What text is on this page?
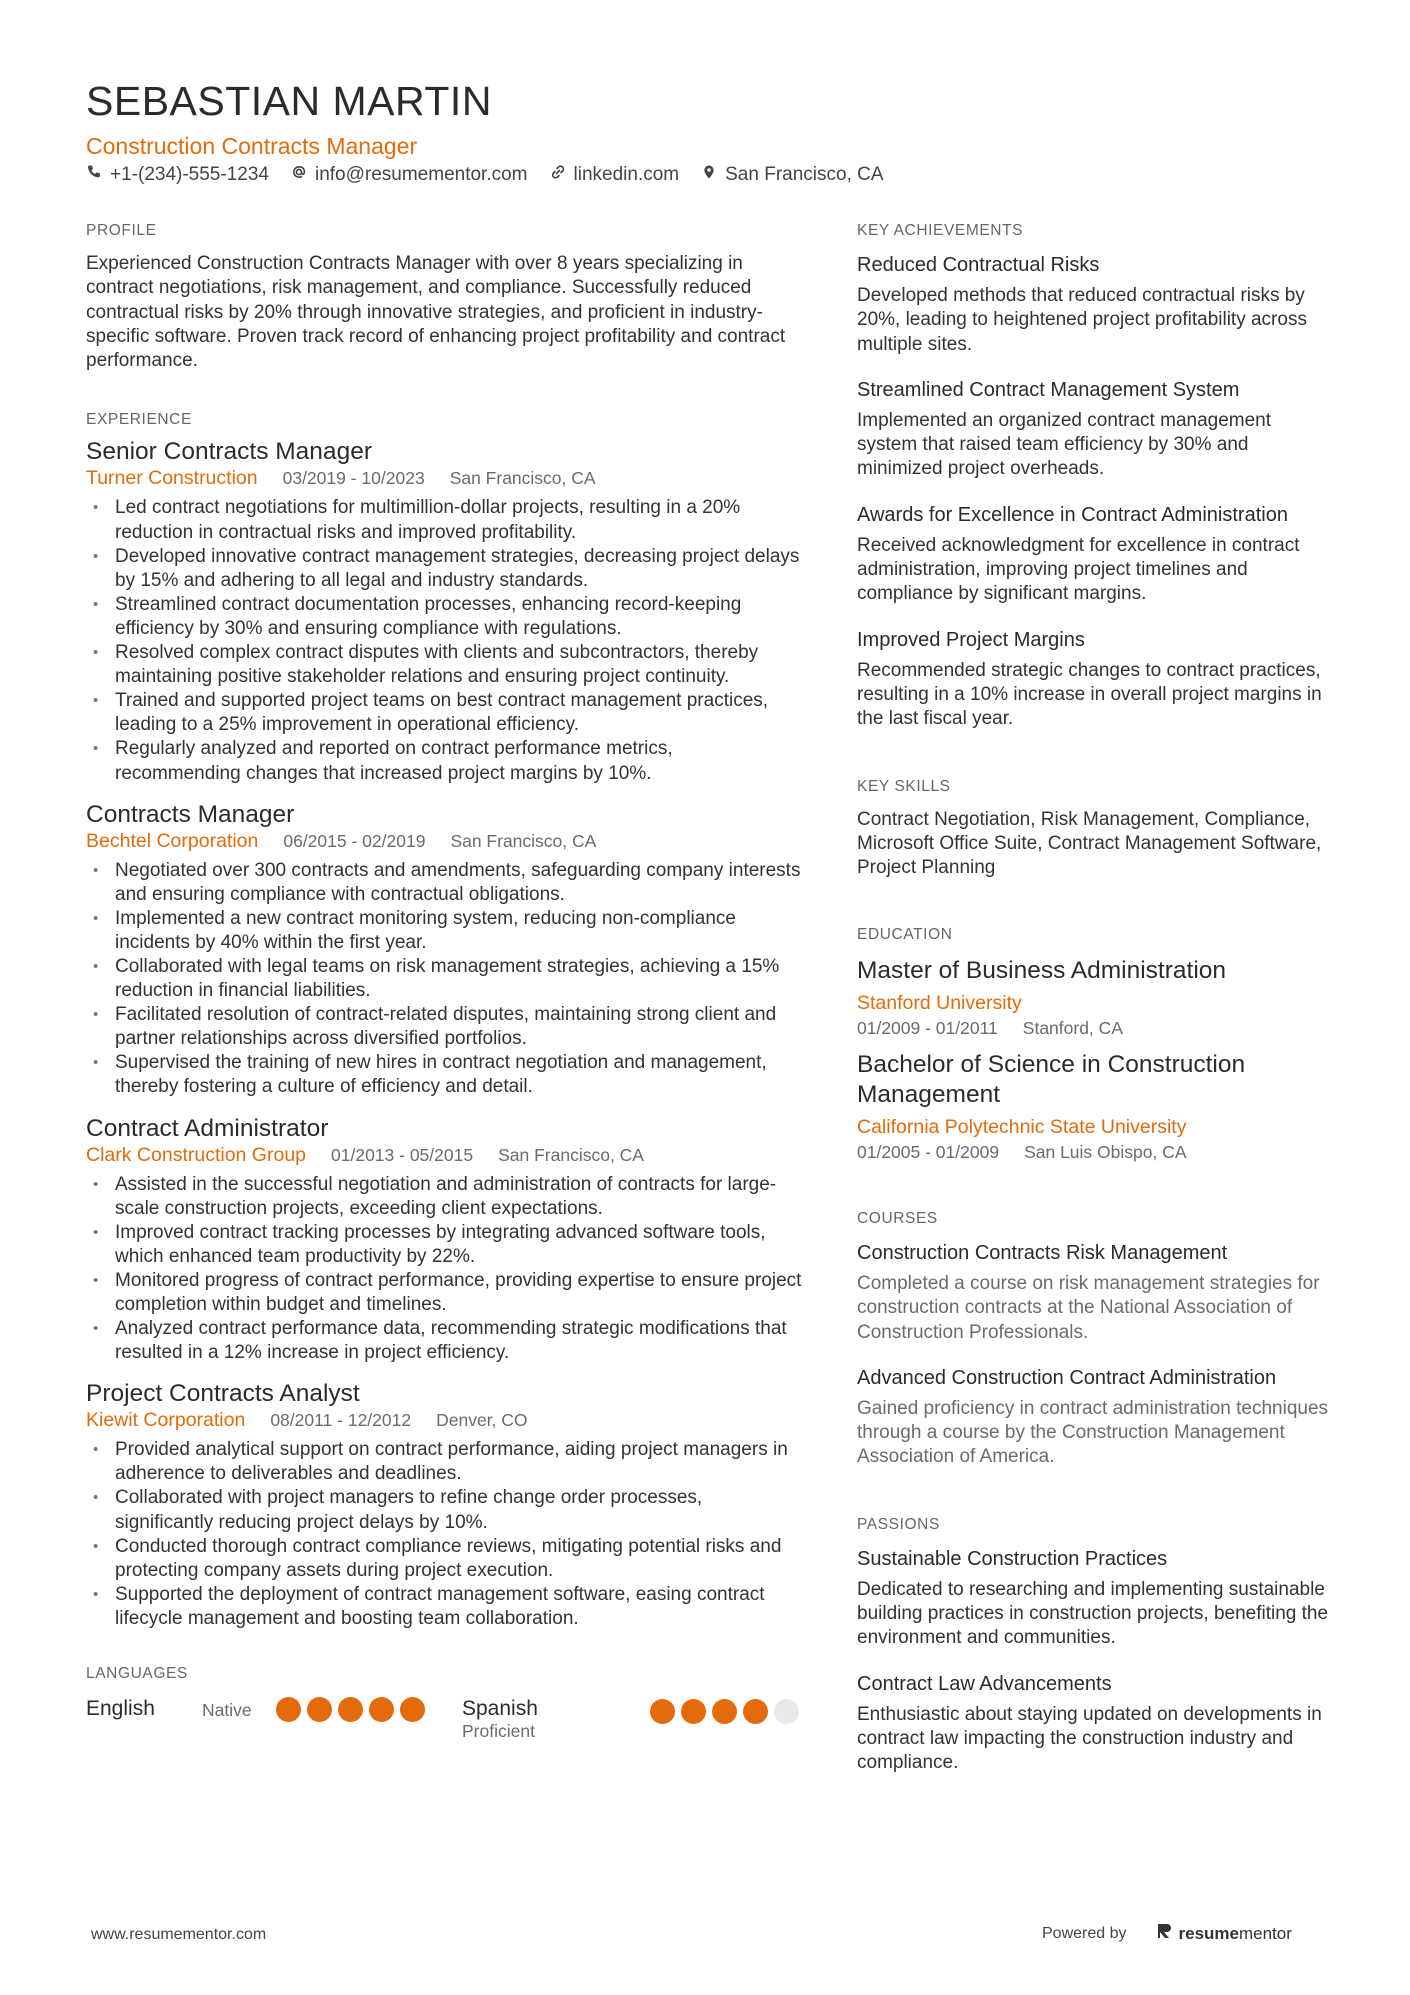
SEBASTIAN MARTIN
Construction Contracts Manager
+1-(234)-555-1234 info@resumementor.com linkedin.com San Francisco, CA
PROFILE
Experienced Construction Contracts Manager with over 8 years specializing in contract negotiations, risk management, and compliance. Successfully reduced contractual risks by 20% through innovative strategies, and proficient in industry-specific software. Proven track record of enhancing project profitability and contract performance.
EXPERIENCE
Senior Contracts Manager
Turner Construction 03/2019 - 10/2023 San Francisco, CA
• Led contract negotiations for multimillion-dollar projects, resulting in a 20% reduction in contractual risks and improved profitability.
• Developed innovative contract management strategies, decreasing project delays by 15% and adhering to all legal and industry standards.
• Streamlined contract documentation processes, enhancing record-keeping efficiency by 30% and ensuring compliance with regulations.
• Resolved complex contract disputes with clients and subcontractors, thereby maintaining positive stakeholder relations and ensuring project continuity.
• Trained and supported project teams on best contract management practices, leading to a 25% improvement in operational efficiency.
• Regularly analyzed and reported on contract performance metrics, recommending changes that increased project margins by 10%.
Contracts Manager
Bechtel Corporation 06/2015 - 02/2019 San Francisco, CA
• Negotiated over 300 contracts and amendments, safeguarding company interests and ensuring compliance with contractual obligations.
• Implemented a new contract monitoring system, reducing non-compliance incidents by 40% within the first year.
• Collaborated with legal teams on risk management strategies, achieving a 15% reduction in financial liabilities.
• Facilitated resolution of contract-related disputes, maintaining strong client and partner relationships across diversified portfolios.
• Supervised the training of new hires in contract negotiation and management, thereby fostering a culture of efficiency and detail.
Contract Administrator
Clark Construction Group 01/2013 - 05/2015 San Francisco, CA
• Assisted in the successful negotiation and administration of contracts for large-scale construction projects, exceeding client expectations.
• Improved contract tracking processes by integrating advanced software tools, which enhanced team productivity by 22%.
• Monitored progress of contract performance, providing expertise to ensure project completion within budget and timelines.
• Analyzed contract performance data, recommending strategic modifications that resulted in a 12% increase in project efficiency.
Project Contracts Analyst
Kiewit Corporation 08/2011 - 12/2012 Denver, CO
• Provided analytical support on contract performance, aiding project managers in adherence to deliverables and deadlines.
• Collaborated with project managers to refine change order processes, significantly reducing project delays by 10%.
• Conducted thorough contract compliance reviews, mitigating potential risks and protecting company assets during project execution.
• Supported the deployment of contract management software, easing contract lifecycle management and boosting team collaboration.
LANGUAGES
English	Native	Spanish
Proficient
KEY ACHIEVEMENTS
Reduced Contractual Risks
Developed methods that reduced contractual risks by 20%, leading to heightened project profitability across multiple sites.
Streamlined Contract Management System
Implemented an organized contract management system that raised team efficiency by 30% and minimized project overheads.
Awards for Excellence in Contract Administration
Received acknowledgment for excellence in contract administration, improving project timelines and compliance by significant margins.
Improved Project Margins
Recommended strategic changes to contract practices, resulting in a 10% increase in overall project margins in the last fiscal year.
KEY SKILLS
Contract Negotiation, Risk Management, Compliance, Microsoft Office Suite, Contract Management Software, Project Planning
EDUCATION
Master of Business Administration
Stanford University
01/2009 - 01/2011 Stanford, CA
Bachelor of Science in Construction Management
California Polytechnic State University
01/2005 - 01/2009 San Luis Obispo, CA
COURSES
Construction Contracts Risk Management
Completed a course on risk management strategies for construction contracts at the National Association of Construction Professionals.
Advanced Construction Contract Administration
Gained proficiency in contract administration techniques through a course by the Construction Management Association of America.
PASSIONS
Sustainable Construction Practices
Dedicated to researching and implementing sustainable building practices in construction projects, benefiting the environment and communities.
Contract Law Advancements
Enthusiastic about staying updated on developments in contract law impacting the construction industry and compliance.
www.resumementor.com	Powered by	resumementor
